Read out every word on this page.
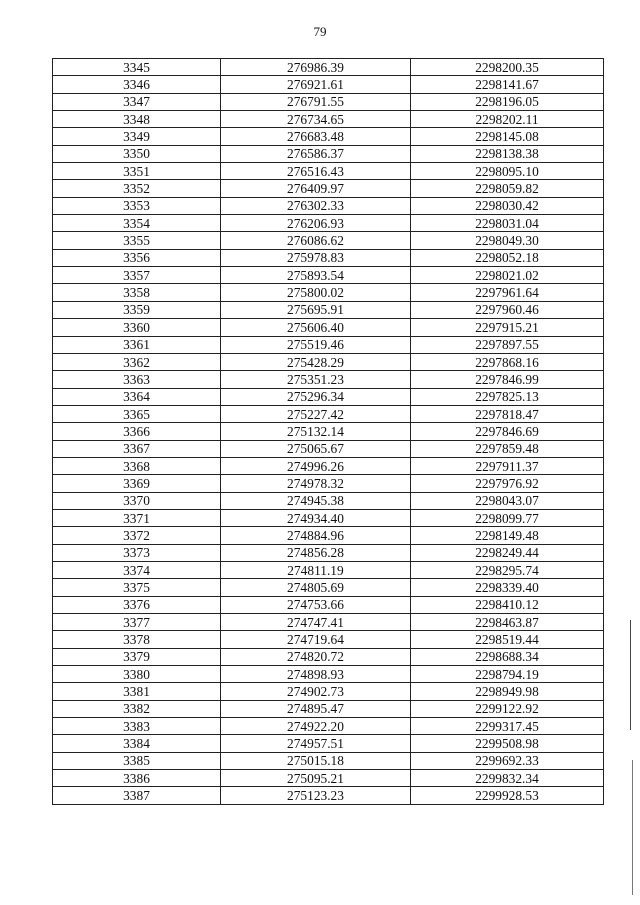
79
3345	276986.39	2298200.35
3346	276921.61	2298141.67
3347	276791.55	2298196.05
3348	276734.65	2298202.11
3349	276683.48	2298145.08
3350	276586.37	2298138.38
3351	276516.43	2298095.10
3352	276409.97	2298059.82
3353	276302.33	2298030.42
3354	276206.93	2298031.04
3355	276086.62	2298049.30
3356	275978.83	2298052.18
3357	275893.54	2298021.02
3358	275800.02	2297961.64
3359	275695.91	2297960.46
3360	275606.40	2297915.21
3361	275519.46	2297897.55
3362	275428.29	2297868.16
3363	275351.23	2297846.99
3364	275296.34	2297825.13
3365	275227.42	2297818.47
3366	275132.14	2297846.69
3367	275065.67	2297859.48
3368	274996.26	2297911.37
3369	274978.32	2297976.92
3370	274945.38	2298043.07
3371	274934.40	2298099.77
3372	274884.96	2298149.48
3373	274856.28	2298249.44
3374	274811.19	2298295.74
3375	274805.69	2298339.40
3376	274753.66	2298410.12
3377	274747.41	2298463.87
3378	274719.64	2298519.44
3379	274820.72	2298688.34
3380	274898.93	2298794.19
3381	274902.73	2298949.98
3382	274895.47	2299122.92
3383	274922.20	2299317.45
3384	274957.51	2299508.98
3385	275015.18	2299692.33
3386	275095.21	2299832.34
3387	275123.23	2299928.53
